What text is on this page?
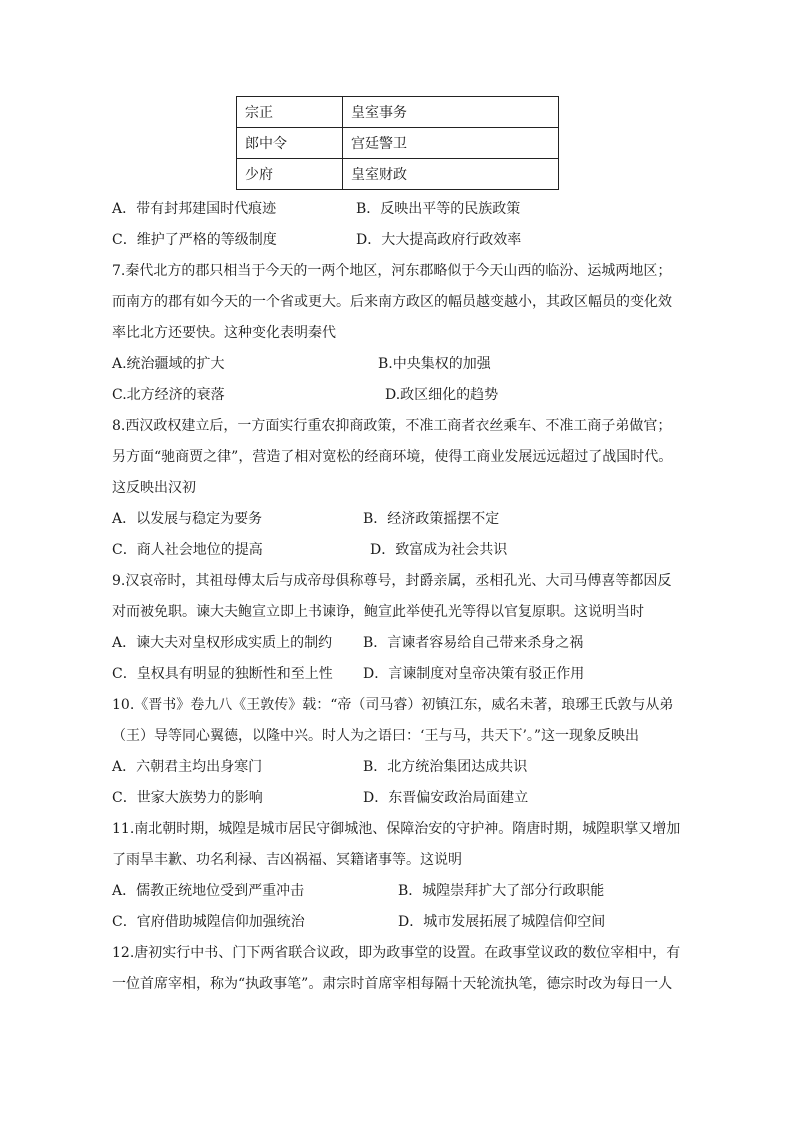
宗正	皇室事务
郎中令	宫廷警卫
少府	皇室财政
A．带有封邦建国时代痕迹	B．反映出平等的民族政策
C．维护了严格的等级制度	D．大大提高政府行政效率
7.秦代北方的郡只相当于今天的一两个地区，河东郡略似于今天山西的临汾、运城两地区；
而南方的郡有如今天的一个省或更大。后来南方政区的幅员越变越小，其政区幅员的变化效
率比北方还要快。这种变化表明秦代
A.统治疆域的扩大	B.中央集权的加强
C.北方经济的衰落	D.政区细化的趋势
8.西汉政权建立后，一方面实行重农抑商政策，不准工商者衣丝乘车、不准工商子弟做官；
另方面“驰商贾之律”，营造了相对宽松的经商环境，使得工商业发展远远超过了战国时代。
这反映出汉初
A．以发展与稳定为要务	B．经济政策摇摆不定
C．商人社会地位的提高	D．致富成为社会共识
9.汉哀帝时，其祖母傅太后与成帝母俱称尊号，封爵亲属，丞相孔光、大司马傅喜等都因反
对而被免职。谏大夫鲍宣立即上书谏诤，鲍宣此举使孔光等得以官复原职。这说明当时
A．谏大夫对皇权形成实质上的制约 B．言谏者容易给自己带来杀身之祸
C．皇权具有明显的独断性和至上性 D．言谏制度对皇帝决策有驳正作用
10.《晋书》卷九八《王敦传》载：“帝（司马睿）初镇江东，威名未著，琅琊王氏敦与从弟
（王）导等同心翼德，以隆中兴。时人为之语曰：‘王与马，共天下’。”这一现象反映出
A．六朝君主均出身寒门	B．北方统治集团达成共识
C．世家大族势力的影响	D．东晋偏安政治局面建立
11.南北朝时期，城隍是城市居民守御城池、保障治安的守护神。隋唐时期，城隍职掌又增加
了雨旱丰歉、功名利禄、吉凶祸福、冥籍诸事等。这说明
A．儒教正统地位受到严重冲击	B．城隍崇拜扩大了部分行政职能
C．官府借助城隍信仰加强统治	D．城市发展拓展了城隍信仰空间
12.唐初实行中书、门下两省联合议政，即为政事堂的设置。在政事堂议政的数位宰相中，有
一位首席宰相，称为“执政事笔”。肃宗时首席宰相每隔十天轮流执笔，德宗时改为每日一人
